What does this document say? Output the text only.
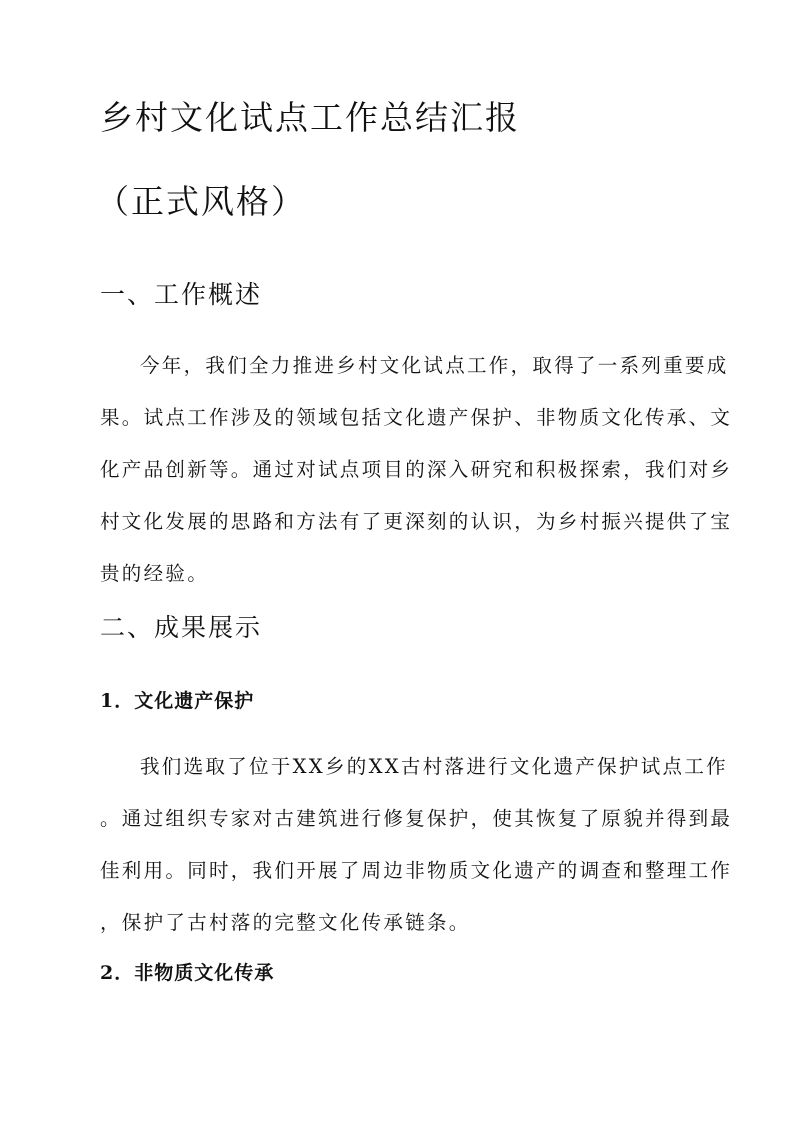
乡村文化试点工作总结汇报
（正式风格）
一、工作概述
今年，我们全力推进乡村文化试点工作，取得了一系列重要成
果。试点工作涉及的领域包括文化遗产保护、非物质文化传承、文
化产品创新等。通过对试点项目的深入研究和积极探索，我们对乡
村文化发展的思路和方法有了更深刻的认识，为乡村振兴提供了宝
贵的经验。
二、成果展示
1．文化遗产保护
我们选取了位于XX乡的XX古村落进行文化遗产保护试点工作
。通过组织专家对古建筑进行修复保护，使其恢复了原貌并得到最
佳利用。同时，我们开展了周边非物质文化遗产的调查和整理工作
，保护了古村落的完整文化传承链条。
2．非物质文化传承
